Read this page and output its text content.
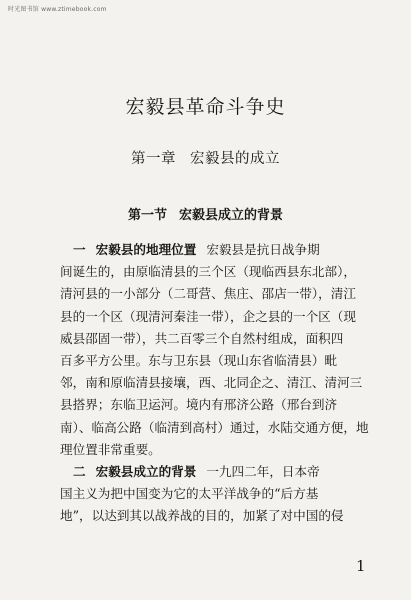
时光图书馆 www.ztimebook.com
宏毅县革命斗争史
第一章 宏毅县的成立
第一节 宏毅县成立的背景
一 宏毅县的地理位置 宏毅县是抗日战争期
间诞生的，由原临清县的三个区（现临西县东北部），
清河县的一小部分（二哥营、焦庄、邵店一带），清江
县的一个区（现清河秦洼一带），企之县的一个区（现
威县邵固一带），共二百零三个自然村组成，面积四
百多平方公里。东与卫东县（现山东省临清县）毗
邻，南和原临清县接壤，西、北同企之、清江、清河三
县搭界；东临卫运河。境内有邢济公路（邢台到济
南）、临高公路（临清到高村）通过，水陆交通方便，地
理位置非常重要。
二 宏毅县成立的背景 一九四二年，日本帝
国主义为把中国变为它的太平洋战争的“后方基
地”，以达到其以战养战的目的，加紧了对中国的侵
1
